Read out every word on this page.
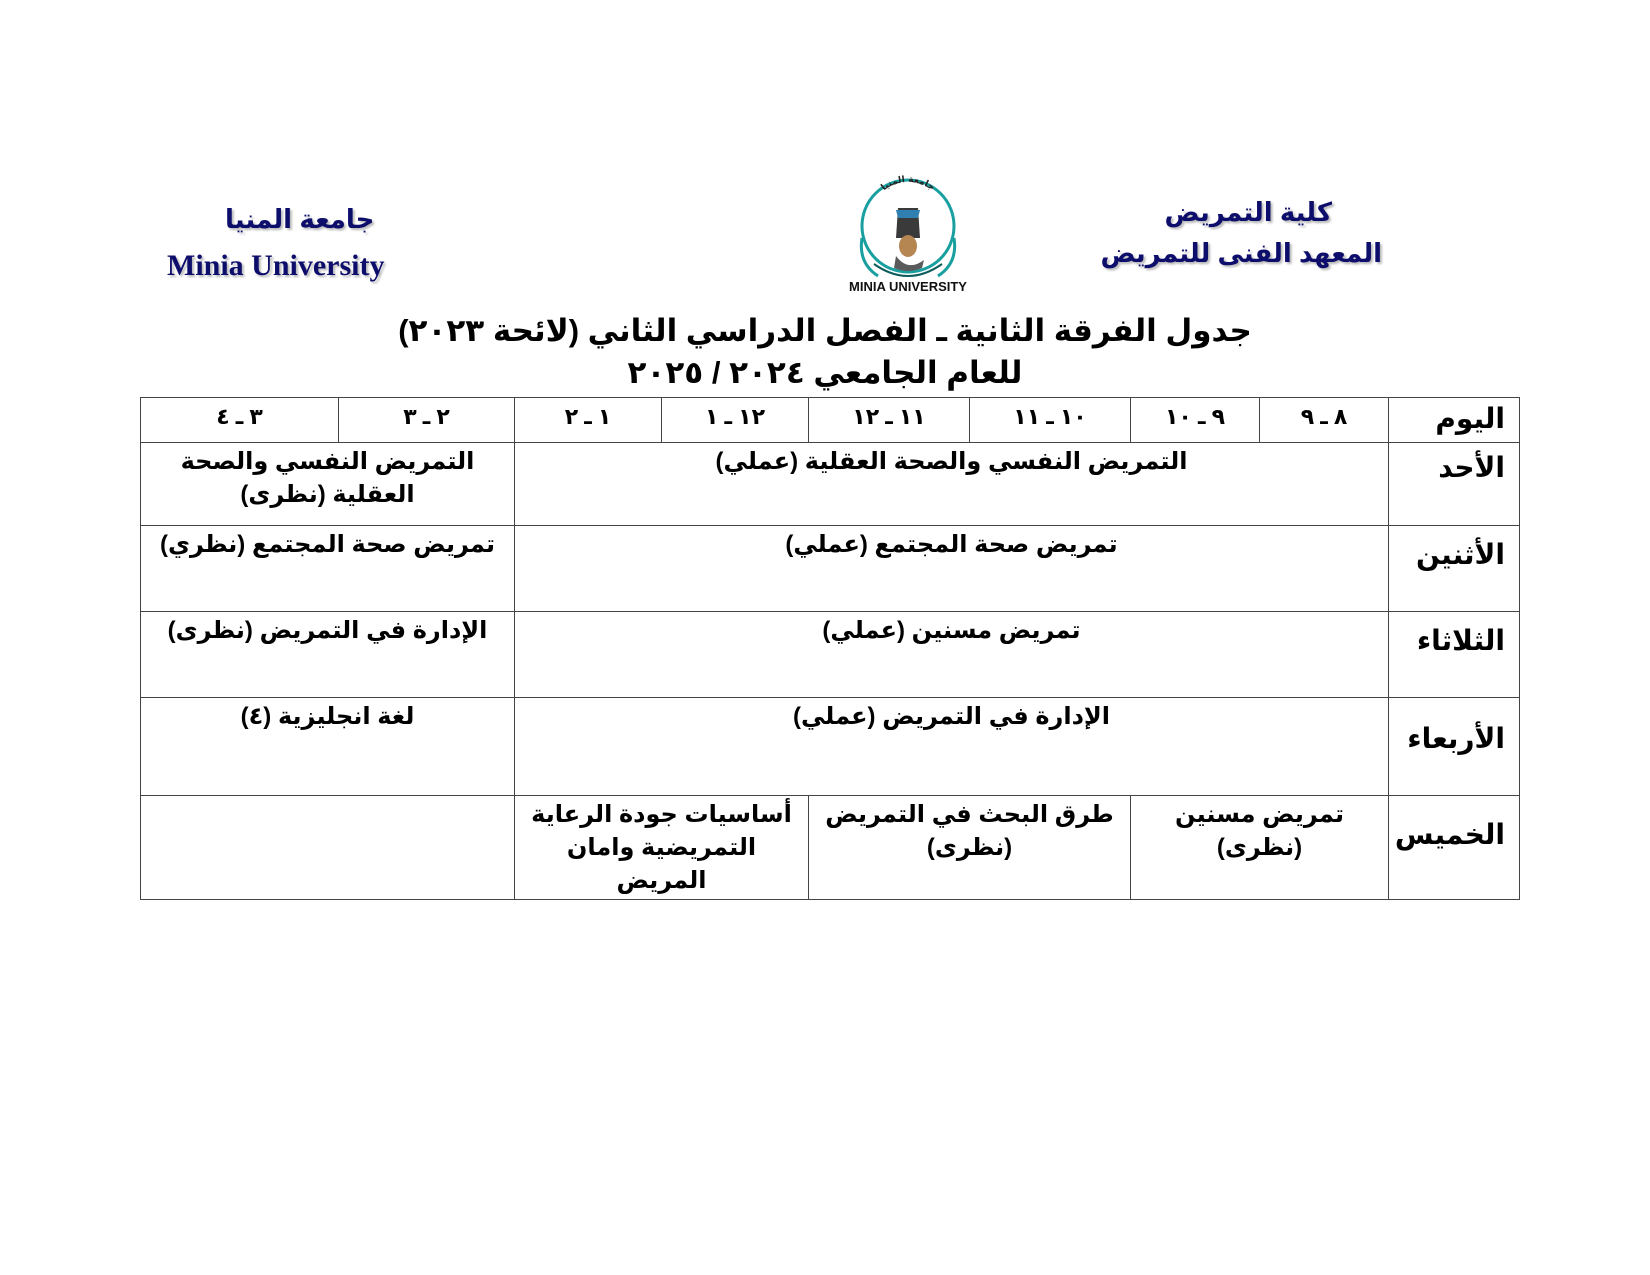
كلية التمريض
المعهد الفنى للتمريض
جامعة المنيا
Minia University
جامعة المنيا
MINIA UNIVERSITY
جدول الفرقة الثانية ـ الفصل الدراسي الثاني (لائحة ٢٠٢٣)
للعام الجامعي ٢٠٢٤ / ٢٠٢٥
اليوم	٨ ـ ٩	٩ ـ ١٠	١٠ ـ ١١	١١ ـ ١٢	١٢ ـ ١	١ ـ ٢	٢ ـ ٣	٣ ـ ٤
الأحد	التمريض النفسي والصحة العقلية (عملي)						التمريض النفسي والصحة العقلية (نظرى)	
الأثنين	تمريض صحة المجتمع (عملي)						تمريض صحة المجتمع (نظري)	
الثلاثاء	تمريض مسنين (عملي)						الإدارة في التمريض (نظرى)	
الأربعاء	الإدارة في التمريض (عملي)						لغة انجليزية (٤)	
الخميس	تمريض مسنين (نظرى)		طرق البحث في التمريض (نظرى)		أساسيات جودة الرعاية التمريضية وامان المريض			
